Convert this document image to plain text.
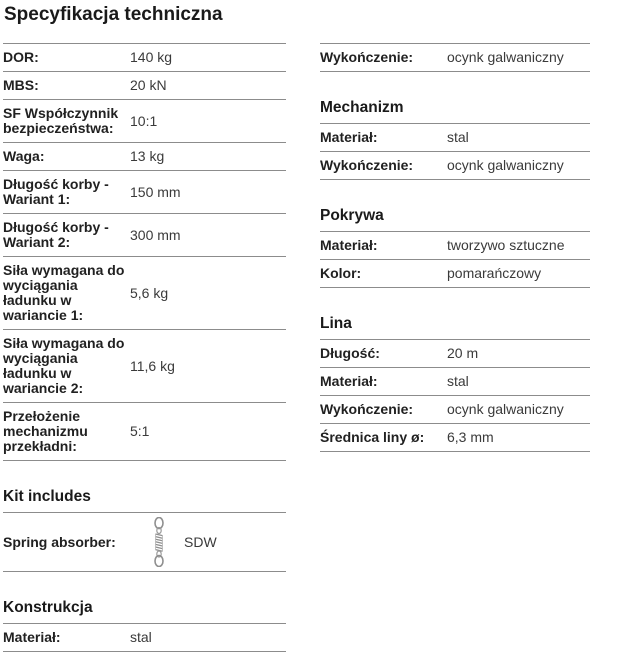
Specyfikacja techniczna
DOR:	140 kg
MBS:	20 kN
SF Współczynnik bezpieczeństwa:	10:1
Waga:	13 kg
Długość korby - Wariant 1:	150 mm
Długość korby - Wariant 2:	300 mm
Siła wymagana do wyciągania ładunku w wariancie 1:
5,6 kg
Siła wymagana do wyciągania ładunku w wariancie 2:
11,6 kg
Przełożenie mechanizmu przekładni:
5:1
Kit includes
Spring absorber:	SDW
Konstrukcja
Materiał:	stal
Wykończenie:	ocynk galwaniczny
Mechanizm
Materiał:	stal
Wykończenie:	ocynk galwaniczny
Pokrywa
Materiał:	tworzywo sztuczne
Kolor:	pomarańczowy
Lina
Długość:	20 m
Materiał:	stal
Wykończenie:	ocynk galwaniczny
Średnica liny ø:	6,3 mm
